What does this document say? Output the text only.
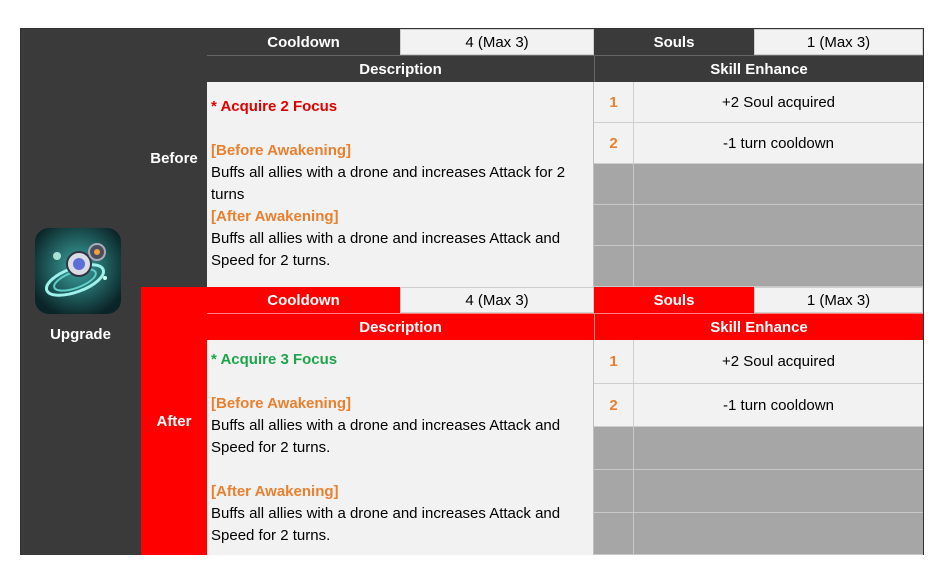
Upgrade
Before
Cooldown	4 (Max 3)	Souls	1 (Max 3)
Description	Skill Enhance

* Acquire 2 Focus

[Before Awakening]

Buffs all allies with a drone and increases Attack for 2 turns

[After Awakening]

Buffs all allies with a drone and increases Attack and Speed for 2 turns.

1	+2 Soul acquired
2	-1 turn cooldown
After
Cooldown	4 (Max 3)	Souls	1 (Max 3)
Description	Skill Enhance

* Acquire 3 Focus

[Before Awakening]

Buffs all allies with a drone and increases Attack and Speed for 2 turns.

[After Awakening]

Buffs all allies with a drone and increases Attack and Speed for 2 turns.

1	+2 Soul acquired
2	-1 turn cooldown
